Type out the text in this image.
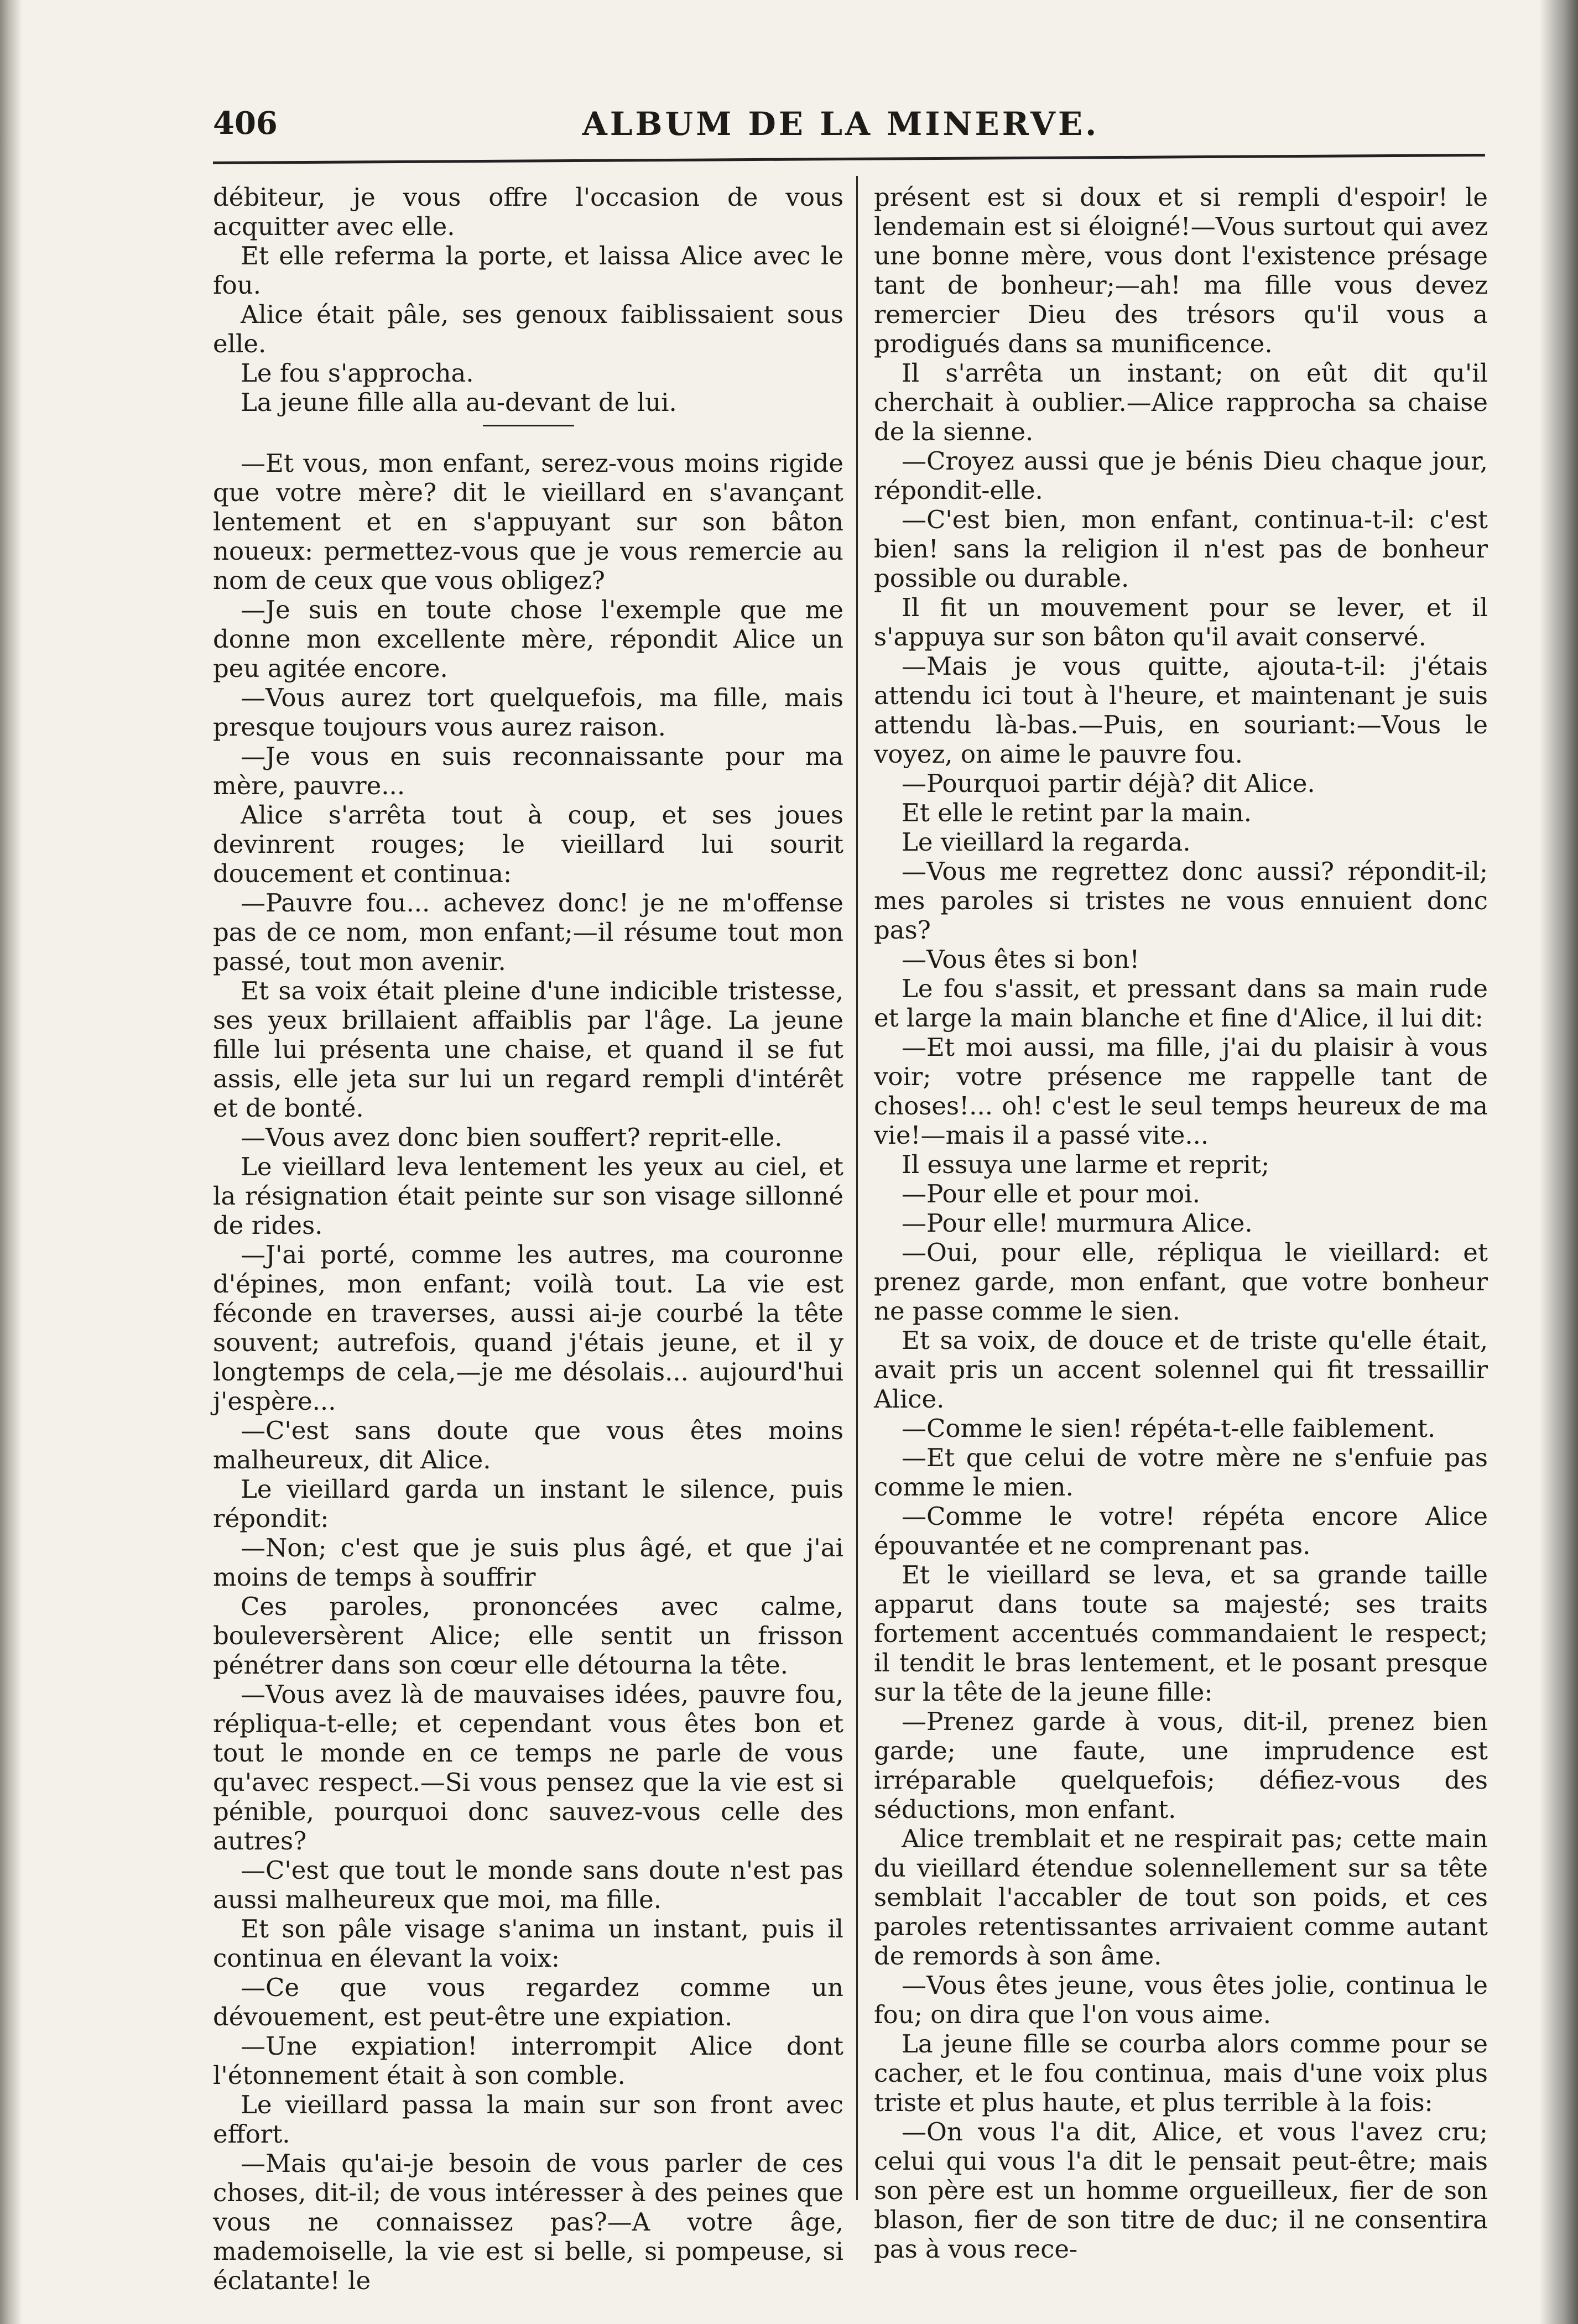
406	ALBUM DE LA MINERVE.

débiteur, je vous offre l'occasion de vous acquitter avec elle.

Et elle referma la porte, et laissa Alice avec le fou.

Alice était pâle, ses genoux faiblissaient sous elle.

Le fou s'approcha.

La jeune fille alla au-devant de lui.

—Et vous, mon enfant, serez-vous moins rigide que votre mère? dit le vieillard en s'avançant lentement et en s'appuyant sur son bâton noueux: permettez-vous que je vous remercie au nom de ceux que vous obligez?

—Je suis en toute chose l'exemple que me donne mon excellente mère, répondit Alice un peu agitée encore.

—Vous aurez tort quelquefois, ma fille, mais presque toujours vous aurez raison.

—Je vous en suis reconnaissante pour ma mère, pauvre...

Alice s'arrêta tout à coup, et ses joues devinrent rouges; le vieillard lui sourit doucement et continua:

—Pauvre fou... achevez donc! je ne m'offense pas de ce nom, mon enfant;—il résume tout mon passé, tout mon avenir.

Et sa voix était pleine d'une indicible tristesse, ses yeux brillaient affaiblis par l'âge. La jeune fille lui présenta une chaise, et quand il se fut assis, elle jeta sur lui un regard rempli d'intérêt et de bonté.

—Vous avez donc bien souffert? reprit-elle.

Le vieillard leva lentement les yeux au ciel, et la résignation était peinte sur son visage sillonné de rides.

—J'ai porté, comme les autres, ma couronne d'épines, mon enfant; voilà tout. La vie est féconde en traverses, aussi ai-je courbé la tête souvent; autrefois, quand j'étais jeune, et il y longtemps de cela,—je me désolais... aujourd'hui j'espère...

—C'est sans doute que vous êtes moins malheureux, dit Alice.

Le vieillard garda un instant le silence, puis répondit:

—Non; c'est que je suis plus âgé, et que j'ai moins de temps à souffrir

Ces paroles, prononcées avec calme, bouleversèrent Alice; elle sentit un frisson pénétrer dans son cœur elle détourna la tête.

—Vous avez là de mauvaises idées, pauvre fou, répliqua-t-elle; et cependant vous êtes bon et tout le monde en ce temps ne parle de vous qu'avec respect.—Si vous pensez que la vie est si pénible, pourquoi donc sauvez-vous celle des autres?

—C'est que tout le monde sans doute n'est pas aussi malheureux que moi, ma fille.

Et son pâle visage s'anima un instant, puis il continua en élevant la voix:

—Ce que vous regardez comme un dévouement, est peut-être une expiation.

—Une expiation! interrompit Alice dont l'étonnement était à son comble.

Le vieillard passa la main sur son front avec effort.

—Mais qu'ai-je besoin de vous parler de ces choses, dit-il; de vous intéresser à des peines que vous ne connaissez pas?—A votre âge, mademoiselle, la vie est si belle, si pompeuse, si éclatante! le

présent est si doux et si rempli d'espoir! le lendemain est si éloigné!—Vous surtout qui avez une bonne mère, vous dont l'existence présage tant de bonheur;—ah! ma fille vous devez remercier Dieu des trésors qu'il vous a prodigués dans sa munificence.

Il s'arrêta un instant; on eût dit qu'il cherchait à oublier.—Alice rapprocha sa chaise de la sienne.

—Croyez aussi que je bénis Dieu chaque jour, répondit-elle.

—C'est bien, mon enfant, continua-t-il: c'est bien! sans la religion il n'est pas de bonheur possible ou durable.

Il fit un mouvement pour se lever, et il s'appuya sur son bâton qu'il avait conservé.

—Mais je vous quitte, ajouta-t-il: j'étais attendu ici tout à l'heure, et maintenant je suis attendu là-bas.—Puis, en souriant:—Vous le voyez, on aime le pauvre fou.

—Pourquoi partir déjà? dit Alice.

Et elle le retint par la main.

Le vieillard la regarda.

—Vous me regrettez donc aussi? répondit-il; mes paroles si tristes ne vous ennuient donc pas?

—Vous êtes si bon!

Le fou s'assit, et pressant dans sa main rude et large la main blanche et fine d'Alice, il lui dit:

—Et moi aussi, ma fille, j'ai du plaisir à vous voir; votre présence me rappelle tant de choses!... oh! c'est le seul temps heureux de ma vie!—mais il a passé vite...

Il essuya une larme et reprit;

—Pour elle et pour moi.

—Pour elle! murmura Alice.

—Oui, pour elle, répliqua le vieillard: et prenez garde, mon enfant, que votre bonheur ne passe comme le sien.

Et sa voix, de douce et de triste qu'elle était, avait pris un accent solennel qui fit tressaillir Alice.

—Comme le sien! répéta-t-elle faiblement.

—Et que celui de votre mère ne s'enfuie pas comme le mien.

—Comme le votre! répéta encore Alice épouvantée et ne comprenant pas.

Et le vieillard se leva, et sa grande taille apparut dans toute sa majesté; ses traits fortement accentués commandaient le respect; il tendit le bras lentement, et le posant presque sur la tête de la jeune fille:

—Prenez garde à vous, dit-il, prenez bien garde; une faute, une imprudence est irréparable quelquefois; défiez-vous des séductions, mon enfant.

Alice tremblait et ne respirait pas; cette main du vieillard étendue solennellement sur sa tête semblait l'accabler de tout son poids, et ces paroles retentissantes arrivaient comme autant de remords à son âme.

—Vous êtes jeune, vous êtes jolie, continua le fou; on dira que l'on vous aime.

La jeune fille se courba alors comme pour se cacher, et le fou continua, mais d'une voix plus triste et plus haute, et plus terrible à la fois:

—On vous l'a dit, Alice, et vous l'avez cru; celui qui vous l'a dit le pensait peut-être; mais son père est un homme orgueilleux, fier de son blason, fier de son titre de duc; il ne consentira pas à vous rece-
